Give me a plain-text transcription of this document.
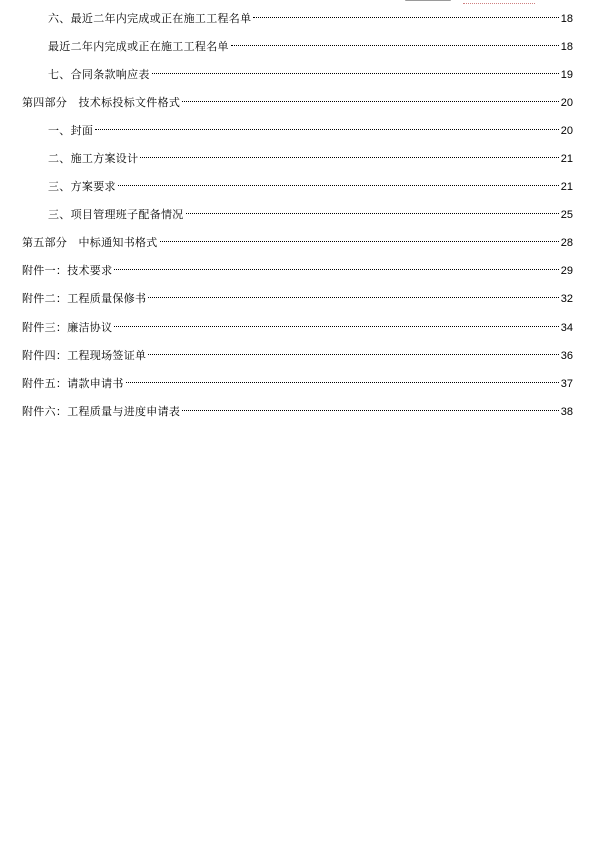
六、最近二年内完成或正在施工工程名单	18
最近二年内完成或正在施工工程名单	18
七、合同条款响应表	19
第四部分　技术标投标文件格式	20
一、封面	20
二、施工方案设计	21
三、方案要求	21
三、项目管理班子配备情况	25
第五部分　中标通知书格式	28
附件一：技术要求	29
附件二：工程质量保修书	32
附件三：廉洁协议	34
附件四：工程现场签证单	36
附件五：请款申请书	37
附件六：工程质量与进度申请表	38
